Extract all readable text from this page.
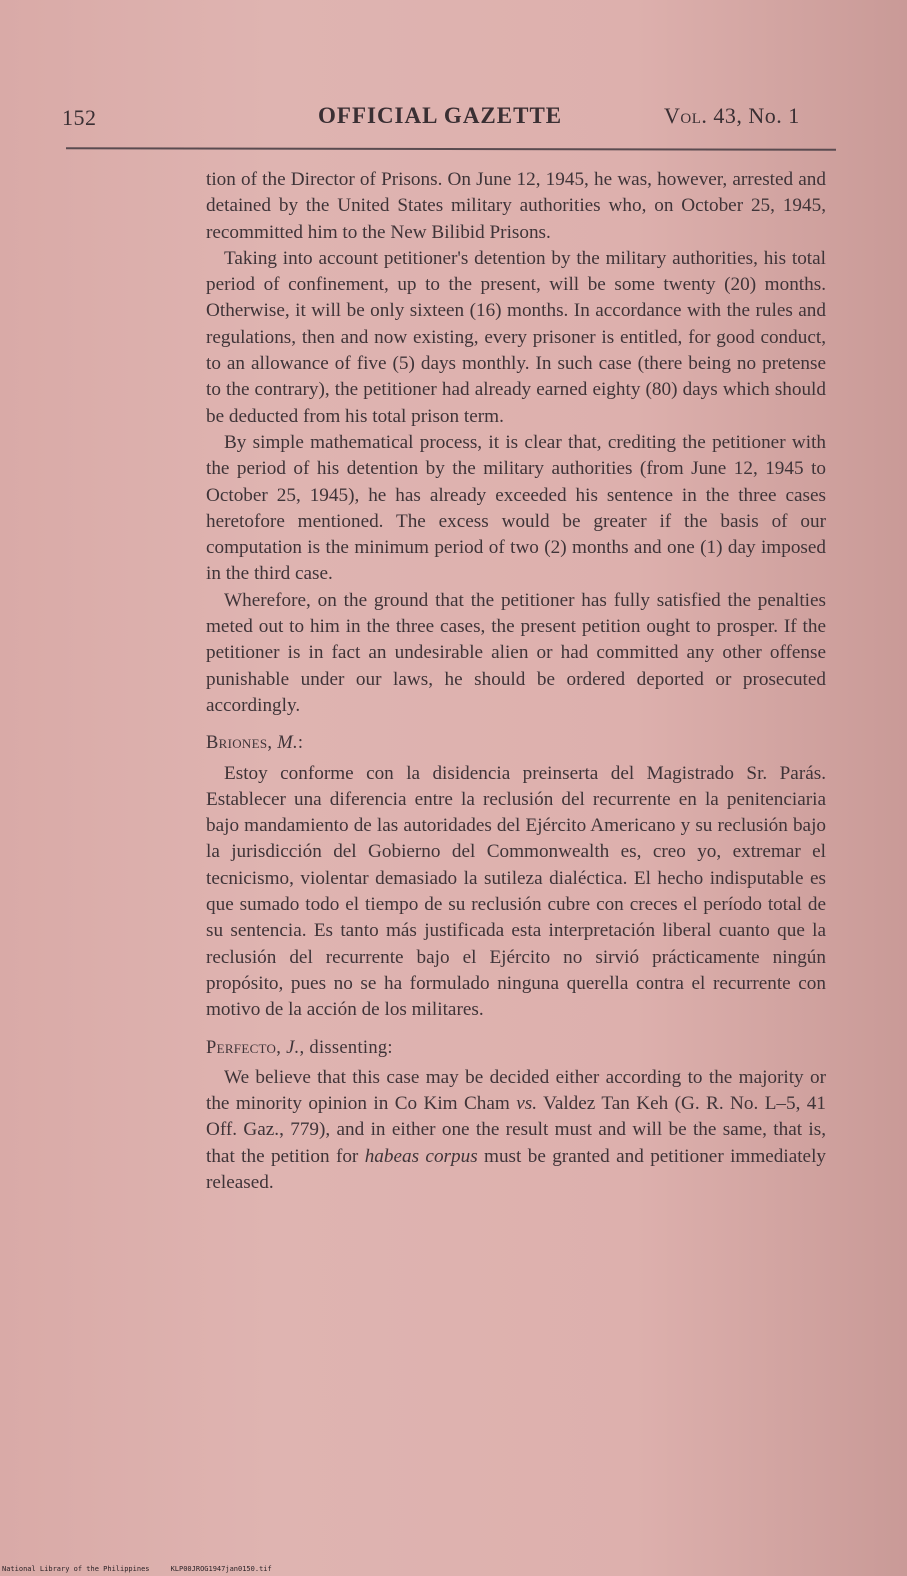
152	OFFICIAL GAZETTE	Vol. 43, No. 1

tion of the Director of Prisons. On June 12, 1945, he was, however, arrested and detained by the United States military authorities who, on October 25, 1945, recommitted him to the New Bilibid Prisons.

Taking into account petitioner's detention by the military authorities, his total period of confinement, up to the present, will be some twenty (20) months. Otherwise, it will be only sixteen (16) months. In accordance with the rules and regulations, then and now existing, every prisoner is entitled, for good conduct, to an allowance of five (5) days monthly. In such case (there being no pretense to the contrary), the petitioner had already earned eighty (80) days which should be deducted from his total prison term.

By simple mathematical process, it is clear that, crediting the petitioner with the period of his detention by the military authorities (from June 12, 1945 to October 25, 1945), he has already exceeded his sentence in the three cases heretofore mentioned. The excess would be greater if the basis of our computation is the minimum period of two (2) months and one (1) day imposed in the third case.

Wherefore, on the ground that the petitioner has fully satisfied the penalties meted out to him in the three cases, the present petition ought to prosper. If the petitioner is in fact an undesirable alien or had committed any other offense punishable under our laws, he should be ordered deported or prosecuted accordingly.

Briones, M.:

Estoy conforme con la disidencia preinserta del Magistrado Sr. Parás. Establecer una diferencia entre la reclusión del recurrente en la penitenciaria bajo mandamiento de las autoridades del Ejército Americano y su reclusión bajo la jurisdicción del Gobierno del Commonwealth es, creo yo, extremar el tecnicismo, violentar demasiado la sutileza dialéctica. El hecho indisputable es que sumado todo el tiempo de su reclusión cubre con creces el período total de su sentencia. Es tanto más justificada esta interpretación liberal cuanto que la reclusión del recurrente bajo el Ejército no sirvió prácticamente ningún propósito, pues no se ha formulado ninguna querella contra el recurrente con motivo de la acción de los militares.

Perfecto, J., dissenting:

We believe that this case may be decided either according to the majority or the minority opinion in Co Kim Cham vs. Valdez Tan Keh (G. R. No. L–5, 41 Off. Gaz., 779), and in either one the result must and will be the same, that is, that the petition for habeas corpus must be granted and petitioner immediately released.

National Library of the Philippines     KLP00JROG1947jan0150.tif
